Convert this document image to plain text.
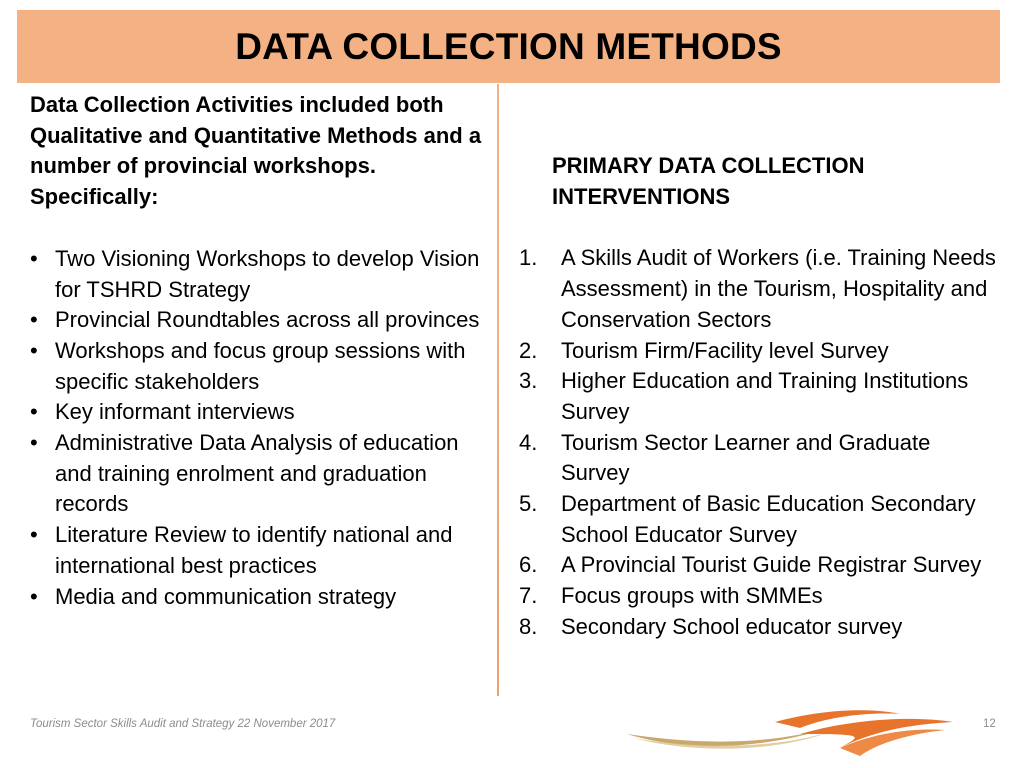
DATA COLLECTION METHODS

Data Collection Activities included both Qualitative and Quantitative Methods and a number of provincial workshops. Specifically:

• Two Visioning Workshops to develop Vision for TSHRD Strategy
• Provincial Roundtables across all provinces
• Workshops and focus group sessions with specific stakeholders
• Key informant interviews
• Administrative Data Analysis of education and training enrolment and graduation records
• Literature Review to identify national and international best practices
• Media and communication strategy

PRIMARY DATA COLLECTION INTERVENTIONS

1. A Skills Audit of Workers (i.e. Training Needs Assessment) in the Tourism, Hospitality and Conservation Sectors
2. Tourism Firm/Facility level Survey
3. Higher Education and Training Institutions Survey
4. Tourism Sector Learner and Graduate Survey
5. Department of Basic Education Secondary School Educator Survey
6. A Provincial Tourist Guide Registrar Survey
7. Focus groups with SMMEs
8. Secondary School educator survey
Tourism Sector Skills Audit and Strategy 22 November 2017	12
